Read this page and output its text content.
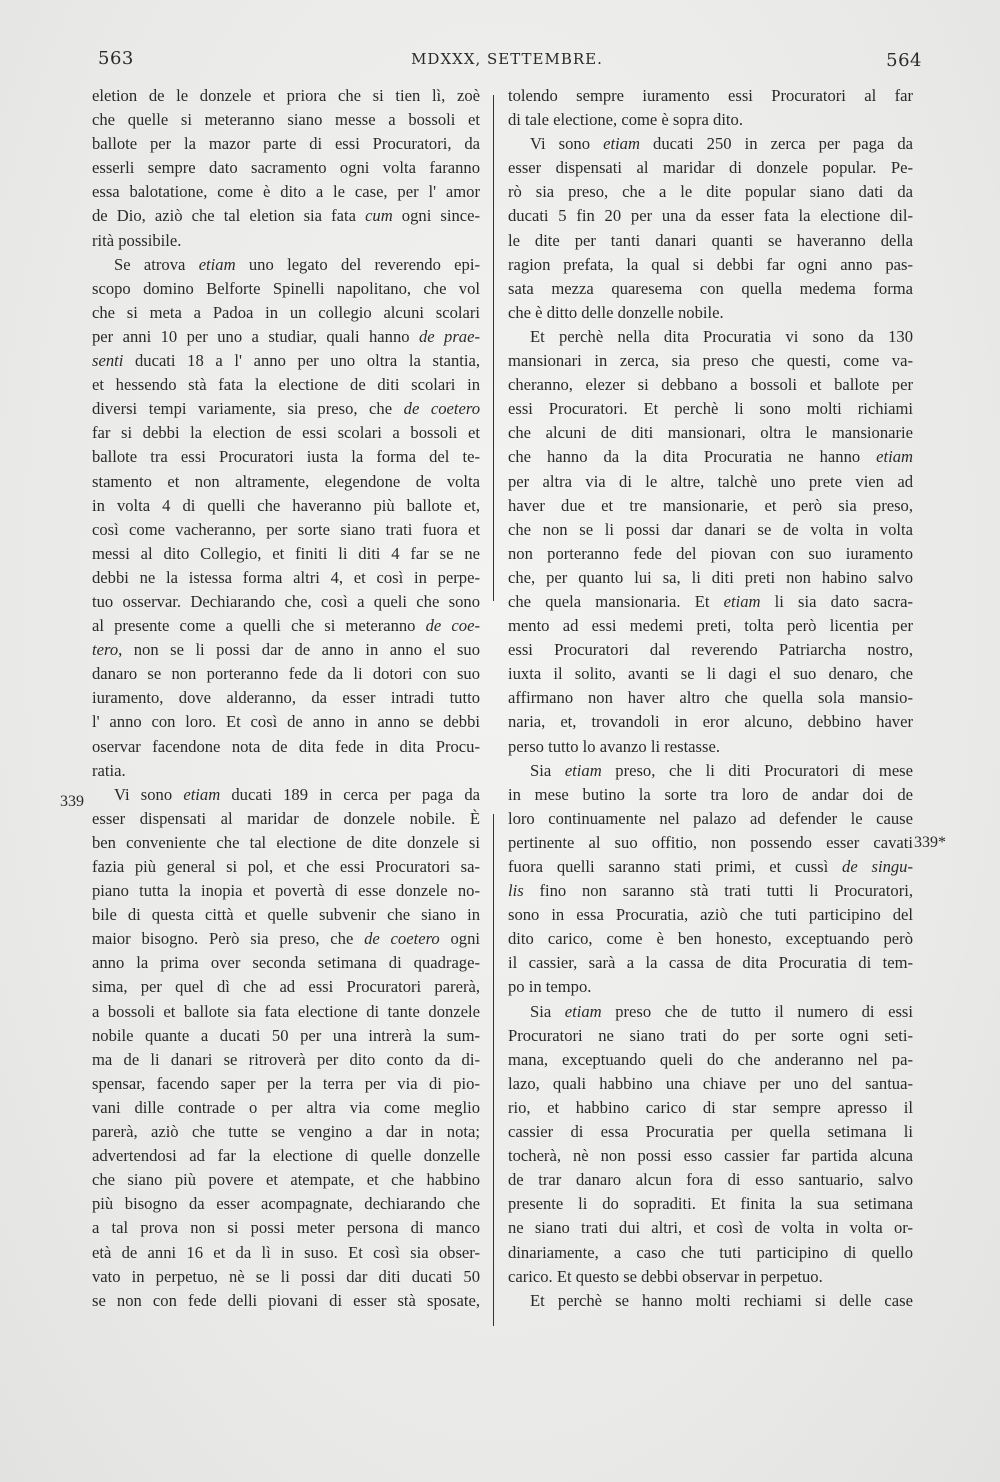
563	MDXXX, SETTEMBRE.	564
eletion de le donzele et priora che si tien lì, zoè
che quelle si meteranno siano messe a bossoli et
ballote per la mazor parte di essi Procuratori, da
esserli sempre dato sacramento ogni volta faranno
essa balotatione, come è dito a le case, per l' amor
de Dio, aziò che tal eletion sia fata cum ogni since-
rità possibile.
Se atrova etiam uno legato del reverendo epi-
scopo domino Belforte Spinelli napolitano, che vol
che si meta a Padoa in un collegio alcuni scolari
per anni 10 per uno a studiar, quali hanno de prae-
senti ducati 18 a l' anno per uno oltra la stantia,
et hessendo stà fata la electione de diti scolari in
diversi tempi variamente, sia preso, che de coetero
far si debbi la election de essi scolari a bossoli et
ballote tra essi Procuratori iusta la forma del te-
stamento et non altramente, elegendone de volta
in volta 4 di quelli che haveranno più ballote et,
così come vacheranno, per sorte siano trati fuora et
messi al dito Collegio, et finiti li diti 4 far se ne
debbi ne la istessa forma altri 4, et così in perpe-
tuo osservar. Dechiarando che, così a queli che sono
al presente come a quelli che si meteranno de coe-
tero, non se li possi dar de anno in anno el suo
danaro se non porteranno fede da li dotori con suo
iuramento, dove alderanno, da esser intradi tutto
l' anno con loro. Et così de anno in anno se debbi
oservar facendone nota de dita fede in dita Procu-
ratia.
Vi sono etiam ducati 189 in cerca per paga da
esser dispensati al maridar de donzele nobile. È
ben conveniente che tal electione de dite donzele si
fazia più general si pol, et che essi Procuratori sa-
piano tutta la inopia et povertà di esse donzele no-
bile di questa città et quelle subvenir che siano in
maior bisogno. Però sia preso, che de coetero ogni
anno la prima over seconda setimana di quadrage-
sima, per quel dì che ad essi Procuratori parerà,
a bossoli et ballote sia fata electione di tante donzele
nobile quante a ducati 50 per una intrerà la sum-
ma de li danari se ritroverà per dito conto da di-
spensar, facendo saper per la terra per via di pio-
vani dille contrade o per altra via come meglio
parerà, aziò che tutte se vengino a dar in nota;
advertendosi ad far la electione di quelle donzelle
che siano più povere et atempate, et che habbino
più bisogno da esser acompagnate, dechiarando che
a tal prova non si possi meter persona di manco
età de anni 16 et da lì in suso. Et così sia obser-
vato in perpetuo, nè se li possi dar diti ducati 50
se non con fede delli piovani di esser stà sposate,
tolendo sempre iuramento essi Procuratori al far
di tale electione, come è sopra dito.
Vi sono etiam ducati 250 in zerca per paga da
esser dispensati al maridar di donzele popular. Pe-
rò sia preso, che a le dite popular siano dati da
ducati 5 fin 20 per una da esser fata la electione dil-
le dite per tanti danari quanti se haveranno della
ragion prefata, la qual si debbi far ogni anno pas-
sata mezza quaresema con quella medema forma
che è ditto delle donzelle nobile.
Et perchè nella dita Procuratia vi sono da 130
mansionari in zerca, sia preso che questi, come va-
cheranno, elezer si debbano a bossoli et ballote per
essi Procuratori. Et perchè li sono molti richiami
che alcuni de diti mansionari, oltra le mansionarie
che hanno da la dita Procuratia ne hanno etiam
per altra via di le altre, talchè uno prete vien ad
haver due et tre mansionarie, et però sia preso,
che non se li possi dar danari se de volta in volta
non porteranno fede del piovan con suo iuramento
che, per quanto lui sa, li diti preti non habino salvo
che quela mansionaria. Et etiam li sia dato sacra-
mento ad essi medemi preti, tolta però licentia per
essi Procuratori dal reverendo Patriarcha nostro,
iuxta il solito, avanti se li dagi el suo denaro, che
affirmano non haver altro che quella sola mansio-
naria, et, trovandoli in eror alcuno, debbino haver
perso tutto lo avanzo li restasse.
Sia etiam preso, che li diti Procuratori di mese
in mese butino la sorte tra loro de andar doi de
loro continuamente nel palazo ad defender le cause
pertinente al suo offitio, non possendo esser cavati
fuora quelli saranno stati primi, et cussì de singu-
lis fino non saranno stà trati tutti li Procuratori,
sono in essa Procuratia, aziò che tuti participino del
dito carico, come è ben honesto, exceptuando però
il cassier, sarà a la cassa de dita Procuratia di tem-
po in tempo.
Sia etiam preso che de tutto il numero di essi
Procuratori ne siano trati do per sorte ogni seti-
mana, exceptuando queli do che anderanno nel pa-
lazo, quali habbino una chiave per uno del santua-
rio, et habbino carico di star sempre apresso il
cassier di essa Procuratia per quella setimana li
tocherà, nè non possi esso cassier far partida alcuna
de trar danaro alcun fora di esso santuario, salvo
presente li do sopraditi. Et finita la sua setimana
ne siano trati dui altri, et così de volta in volta or-
dinariamente, a caso che tuti participino di quello
carico. Et questo se debbi observar in perpetuo.
Et perchè se hanno molti rechiami si delle case
339
339*
